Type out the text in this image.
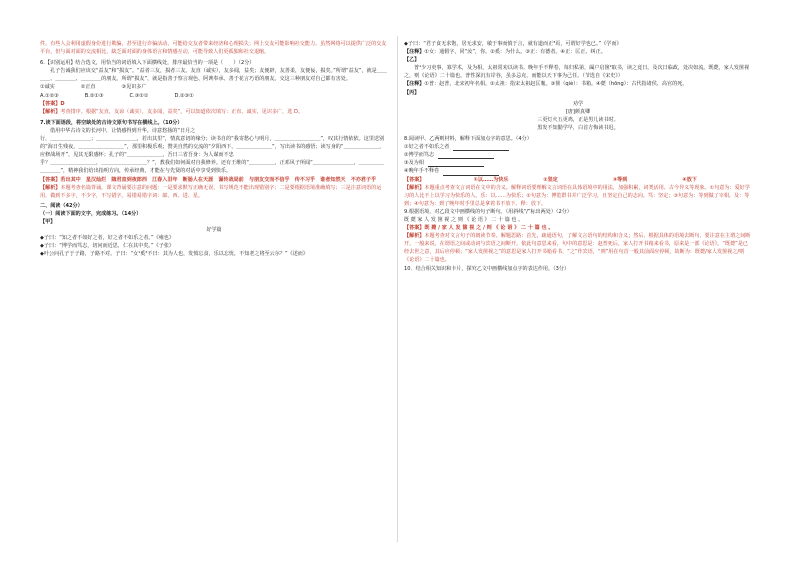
件。有些人会利用虚假身份进行欺骗，甚至进行诈骗活动，可能给交友者带来经济和心理损失；网上交友可能影响社交能力。虽然网络可以提供广泛的交友平台，但与面对面的交流相比，缺乏面对面的身体语言和情感互动，可能导致人们更孤独和社交退缩。

6.【识别运用】结合选文，用恰当的词语填入下面横线处，排序最恰当的一项是（　　）（2分）

孔子告诫我们应该交“益友”和“损友”。“益者三友，损者三友。友直（诚实），友多闻，益矣；友便辟，友善柔，友便佞，损矣。”所谓“益友”，就是＿＿＿＿、＿＿＿＿、＿＿＿＿的朋友。所谓“损友”，就是指善于察言观色、阿谀奉承、善于花言巧语的朋友。交这三种朋友对自己都有害处。

①诚实	②正直	③见识多广
A.①②③	B.②①③	C.③②①	D.②③①

【答案】D

【解析】考查排序。根据“友直，友谅（诚实），友多闻，益矣”，可以知道依次填写：正直、诚实、见识多广，选 D。

7.读下面语段，将空缺处的古诗文原句书写在横线上。（10分）

借用中华古诗文的长河中，让情感得到升华。诗意悠扬的“日月之

行，＿＿＿＿＿＿＿＿；＿＿＿＿＿＿＿＿，若出其里”，情真意切的缘分；读书自的“我寄愁心与明月，＿＿＿＿＿＿＿＿＿”，叹其行情依依。这里送别的“海日生残夜，＿＿＿＿＿＿＿＿＿”，那里积极乐观；赞美自然的交流的“夕阳西下，＿＿＿＿＿＿＿”，写出读书的感悟；读写身的“＿＿＿＿＿＿＿，应修战场开”，见其无限感怀；孔子的“＿＿＿＿＿＿＿，吾日三省吾身：为人谋而不忠

乎？＿＿＿＿＿＿＿＿＿，＿＿＿＿＿＿＿＿＿？”，教我们如何面对自我修养。还有王维的“＿＿＿＿＿，正邓风子所闻“＿＿＿＿＿＿＿＿，＿＿＿＿＿＿＿＿＿”，精神我们给出指明方向，传承经典，才能在与先贤的对话中享受到快乐。

【答案】若出其中　星汉灿烂　随君直到夜郎西　江春入旧年　断肠人在天涯　谨传战局前　与朋友交而不信乎　传不习乎　谁者知然天　不亦君子乎

【解析】本题考查名篇背诵。课文背诵要注意的问题：一是要求默写正确无误，书写规范不能出现错别字；二是要根据语境准确填写；三是注意词语的运用，做到不多字，不少字，不写错字。易错易错字词：郎、西、进、星。

二、阅读（42分）

（一）阅读下面的文字，完成练习。（14分）

【甲】

好学篇

◆子曰：“知之者不如好之者，好之者不如乐之者。”《雍也》

◆子曰：“博学而笃志，切问而近思，仁在其中矣。”《子张》

◆叶公问孔子于子路，子路不对。子曰：“女¹奚²不曰：其为人也，发愤忘食，乐以忘忧，不知老之将至云尔？”《述而》

◆子曰：“君子食无求饱，居无求安，敏于事而慎于言，就有道而正³焉，可谓好学也已。”《学而》

【注释】①女：通假字，同“汝”，你。②奚：为什么。③正：有德者。④正：匡正、纠正。

【乙】

普¹少习吏事，寡学术，及为相，太祖常劝以读书。晚年手不释卷，每归私第，阖户启箧²取书，读之竟日。及次日临政，处决如流。既薨，家人发箧视之，则《论语》二十篇也。普性深沉有岸谷，虽多忌克，而能以天下事为己任。（节选自《宋史》）

【注释】①普：赵普，北宋初年名相。②太祖：指宋太祖赵匡胤。③箧（qiè）：书箱。④薨（hōng）：古代指诸侯、高官的死。

【丙】

劝学

[唐]颜真卿

三更灯火五更鸡，正是男儿读书时。

黑发不知勤学早，白首方悔读书迟。

8.阅读甲、乙两则材料，解释下面加点字的意思。（4分）

①好之者不如乐之者
②博学而笃志
③及为相
④晚年手不释卷
【答案】	①以……为快乐	②坚定	③等到	④放下

【解析】本题重点考查文言词语在文中的含义。解释词语要理解文言词语在具体语境中的用法，加强积累，词类活用、古今异义等现象。①句意为：爱好学习的人比不上以学习为快乐的人。乐：以……为快乐；②句意为：博览群书并广泛学习，且坚定自己的志向。笃：坚定；③句意为：等到做了宰相。及：等到；④句意为：到了晚年时手里总是拿着书不放下。释：放下。

9.根据语境，对乙段文中画横线的句子断句。（用斜线“/”标出两处）（2分）

既 薨 家 人 发 箧 视 之 则 《 论 语 》 二 十 篇 也 。

【答案】既 薨 / 家 人 发 箧 视 之 / 则 《 论 语 》 二 十 篇 也 。

【解析】本题考查对文言句子的朗读节奏。解题思路：首先，疏通语句，了解文言语句的结构和含义；然后，根据具体的语境去断句，要注意在主谓之间断开。一般来说，在谓语之间或动词与宾语之间断开。依此句意思来看，句中的意思是：赵普死后，家人打开书箱来看书，原来是一部《论语》。“既薨”是已经去世之意，其后应停顿；“家人发箧视之”的意思是家人打开书箱看书，“之”作宾语，“则”用在句首一般其前面应停顿，故断为：既薨/家人发箧视之/则《论语》二十篇也。

10．结合相关知识和卡片，探究乙文中画横线加点字的表达作用。（3分）
